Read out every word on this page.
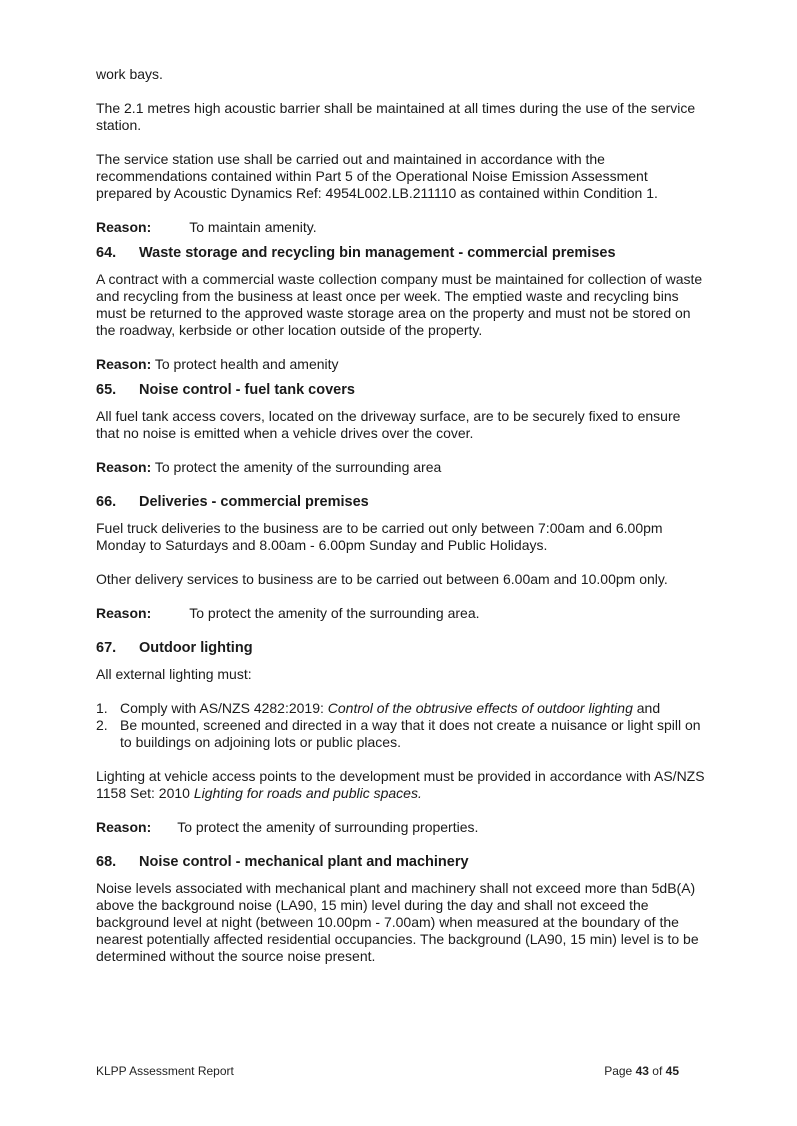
work bays.

The 2.1 metres high acoustic barrier shall be maintained at all times during the use of the service station.

The service station use shall be carried out and maintained in accordance with the recommendations contained within Part 5 of the Operational Noise Emission Assessment prepared by Acoustic Dynamics Ref: 4954L002.LB.211110 as contained within Condition 1.

Reason:	To maintain amenity.

64. Waste storage and recycling bin management - commercial premises

A contract with a commercial waste collection company must be maintained for collection of waste and recycling from the business at least once per week. The emptied waste and recycling bins must be returned to the approved waste storage area on the property and must not be stored on the roadway, kerbside or other location outside of the property.

Reason: To protect health and amenity

65. Noise control - fuel tank covers

All fuel tank access covers, located on the driveway surface, are to be securely fixed to ensure that no noise is emitted when a vehicle drives over the cover.

Reason: To protect the amenity of the surrounding area

66. Deliveries - commercial premises

Fuel truck deliveries to the business are to be carried out only between 7:00am and 6.00pm Monday to Saturdays and 8.00am - 6.00pm Sunday and Public Holidays.

Other delivery services to business are to be carried out between 6.00am and 10.00pm only.

Reason:	To protect the amenity of the surrounding area.

67. Outdoor lighting

All external lighting must:

1. Comply with AS/NZS 4282:2019: Control of the obtrusive effects of outdoor lighting and
2. Be mounted, screened and directed in a way that it does not create a nuisance or light spill on to buildings on adjoining lots or public places.

Lighting at vehicle access points to the development must be provided in accordance with AS/NZS 1158 Set: 2010 Lighting for roads and public spaces.

Reason: To protect the amenity of surrounding properties.

68. Noise control - mechanical plant and machinery

Noise levels associated with mechanical plant and machinery shall not exceed more than 5dB(A) above the background noise (LA90, 15 min) level during the day and shall not exceed the background level at night (between 10.00pm - 7.00am) when measured at the boundary of the nearest potentially affected residential occupancies. The background (LA90, 15 min) level is to be determined without the source noise present.

KLPP Assessment Report	Page 43 of 45
